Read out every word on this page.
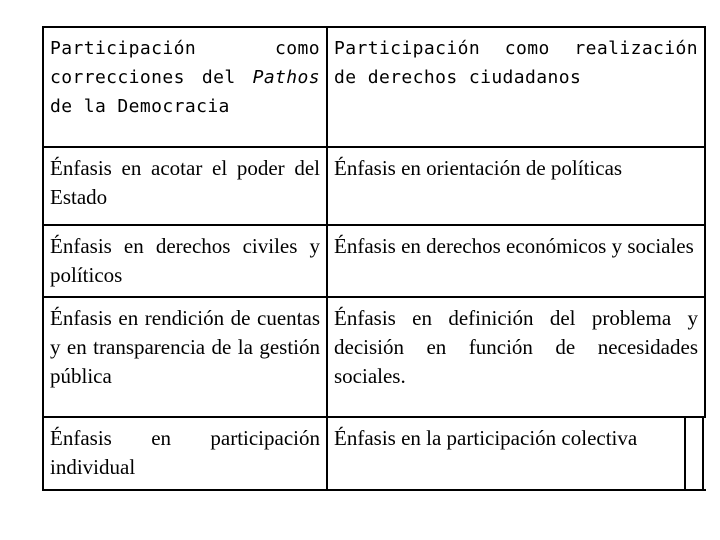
Participación como correcciones del Pathos de la Democracia
Participación como realización de derechos ciudadanos
Énfasis en acotar el poder del Estado
Énfasis en orientación de políticas
Énfasis en derechos civiles y políticos
Énfasis en derechos económicos y sociales
Énfasis en rendición de cuentas y en transparencia de la gestión pública
Énfasis en definición del problema y decisión en función de necesidades sociales.
Énfasis en participación individual
Énfasis en la participación colectiva
